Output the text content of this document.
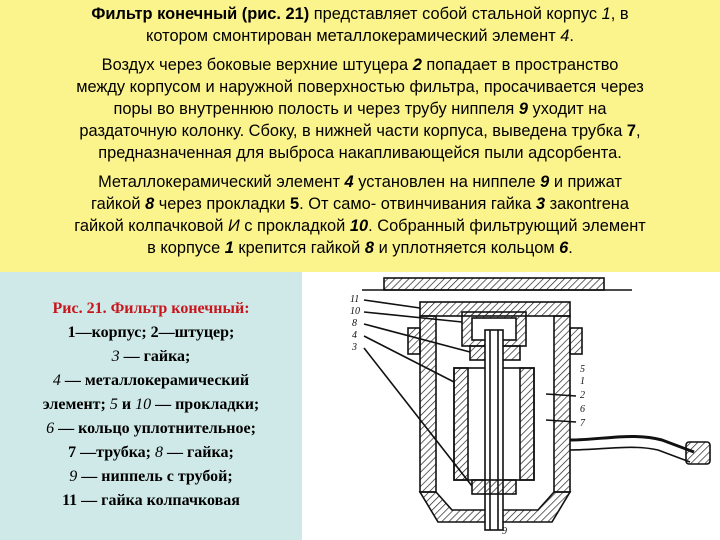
Фильтр конечный (рис. 21) представляет собой стальной корпус 1, в

котором смонтирован металлокерамический элемент 4.

Воздух через боковые верхние штуцера 2 попадает в пространство

между корпусом и наружной поверхностью фильтра, просачивается через

поры во внутреннюю полость и через трубу ниппеля 9 уходит на

раздаточную колонку. Сбоку, в нижней части корпуса, выведена трубка 7,

предназначенная для выброса накапливающейся пыли адсорбента.

Металлокерамический элемент 4 установлен на ниппеле 9 и прижат

гайкой 8 через прокладки 5. От само- отвинчивания гайка 3 закontrена

гайкой колпачковой И с прокладкой 10. Собранный фильтрующий элемент

в корпусе 1 крепится гайкой 8 и уплотняется кольцом 6.

Рис. 21. Фильтр конечный:
1—корпус; 2—штуцер;
3 — гайка;
4 — металлокерамический
элемент; 5 и 10 — прокладки;
6 — кольцо уплотнительное;
7 —трубка; 8 — гайка;
9 — ниппель с трубой;
11 — гайка колпачковая
11
10
8
4
3
1
2
6
7
9
5
